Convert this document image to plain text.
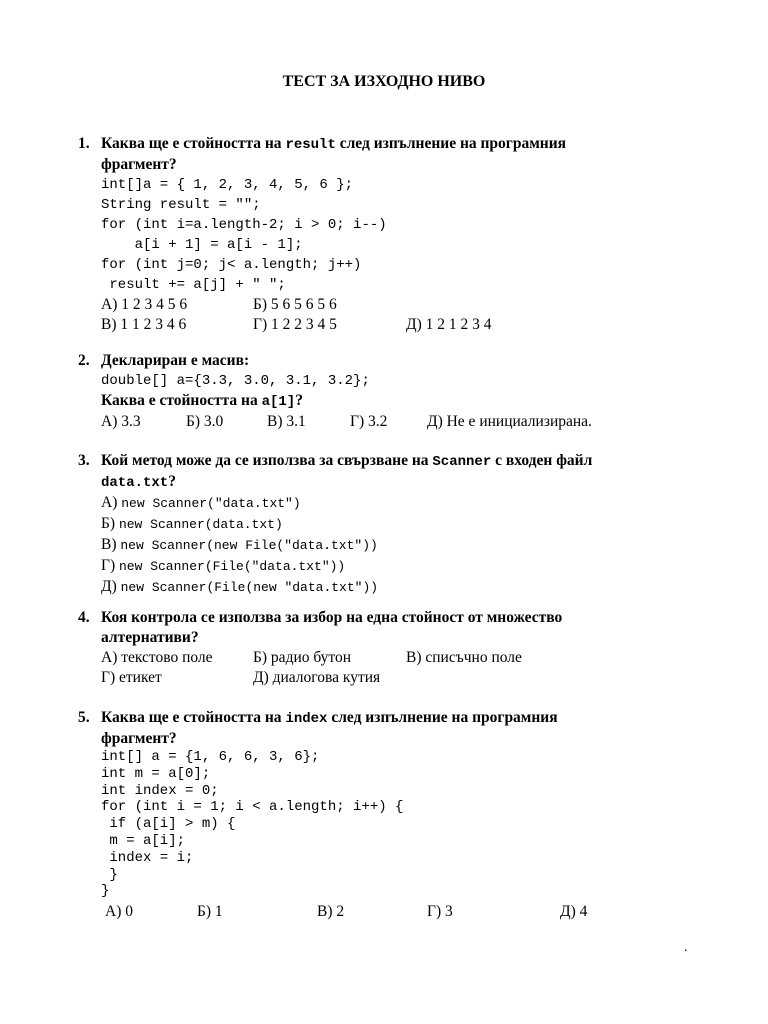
ТЕСТ ЗА ИЗХОДНО НИВО
1. Каква ще е стойността на result след изпълнение на програмния
фрагмент?
int[]a = { 1, 2, 3, 4, 5, 6 };
String result = "";
for (int i=a.length-2; i > 0; i--)
a[i + 1] = a[i - 1];
for (int j=0; j< a.length; j++)
result += a[j] + " ";
А) 1 2 3 4 5 6	Б) 5 6 5 6 5 6
В) 1 1 2 3 4 6	Г) 1 2 2 3 4 5	Д) 1 2 1 2 3 4
2. Деклариран е масив:
double[] a={3.3, 3.0, 3.1, 3.2};
Каква е стойността на a[1]?
А) 3.3	Б) 3.0	В) 3.1	Г) 3.2	Д) Не е инициализирана.
3. Кой метод може да се използва за свързване на Scanner с входен файл
data.txt?
А) new Scanner("data.txt")
Б) new Scanner(data.txt)
В) new Scanner(new File("data.txt"))
Г) new Scanner(File("data.txt"))
Д) new Scanner(File(new "data.txt"))
4. Коя контрола се използва за избор на една стойност от множество
алтернативи?
А) текстово поле	Б) радио бутон	В) списъчно поле
Г) етикет	Д) диалогова кутия
5. Каква ще е стойността на index след изпълнение на програмния
фрагмент?
int[] a = {1, 6, 6, 3, 6};
int m = a[0];
int index = 0;
for (int i = 1; i < a.length; i++) {
if (a[i] > m) {
m = a[i];
index = i;
}
}
А) 0	Б) 1	В) 2	Г) 3	Д) 4
.
